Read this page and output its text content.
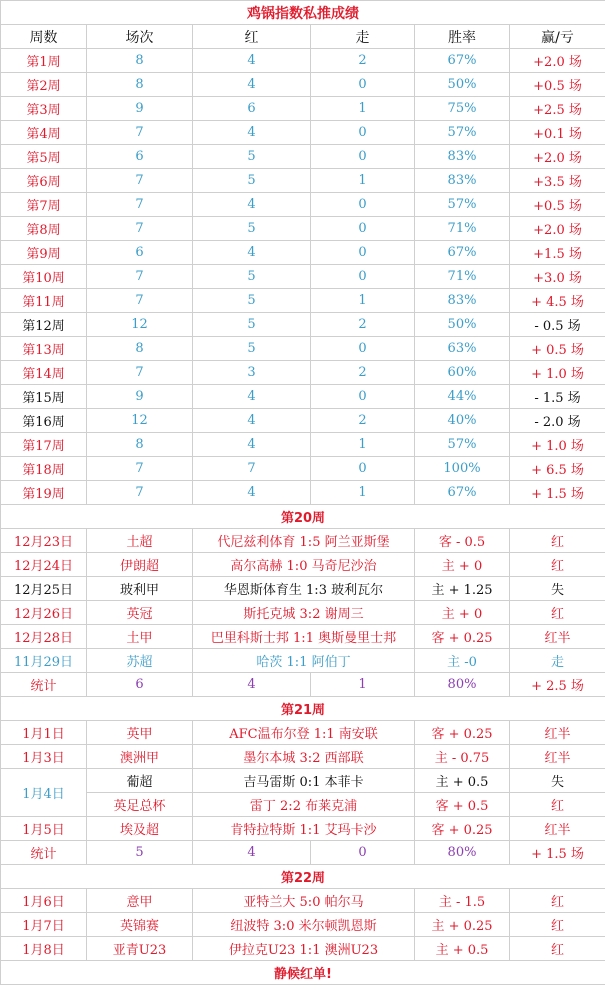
鸡锅指数私推成绩					
周数	场次	红	走	胜率	赢/亏
第1周	8	4	2	67%	+2.0 场
第2周	8	4	0	50%	+0.5 场
第3周	9	6	1	75%	+2.5 场
第4周	7	4	0	57%	+0.1 场
第5周	6	5	0	83%	+2.0 场
第6周	7	5	1	83%	+3.5 场
第7周	7	4	0	57%	+0.5 场
第8周	7	5	0	71%	+2.0 场
第9周	6	4	0	67%	+1.5 场
第10周	7	5	0	71%	+3.0 场
第11周	7	5	1	83%	+ 4.5 场
第12周	12	5	2	50%	- 0.5 场
第13周	8	5	0	63%	+ 0.5 场
第14周	7	3	2	60%	+ 1.0 场
第15周	9	4	0	44%	- 1.5 场
第16周	12	4	2	40%	- 2.0 场
第17周	8	4	1	57%	+ 1.0 场
第18周	7	7	0	100%	+ 6.5 场
第19周	7	4	1	67%	+ 1.5 场
第20周					
12月23日	土超	代尼兹利体育 1:5 阿兰亚斯堡		客 - 0.5	红
12月24日	伊朗超	高尔高赫 1:0 马奇尼沙治		主 + 0	红
12月25日	玻利甲	华恩斯体育生 1:3 玻利瓦尔		主 + 1.25	失
12月26日	英冠	斯托克城 3:2 谢周三		主 + 0	红
12月28日	土甲	巴里科斯士邦 1:1 奥斯曼里士邦		客 + 0.25	红半
11月29日	苏超	哈茨 1:1 阿伯丁		主 -0	走
统计	6	4	1	80%	+ 2.5 场
第21周					
1月1日	英甲	AFC温布尔登 1:1 南安联		客 + 0.25	红半
1月3日	澳洲甲	墨尔本城 3:2 西部联		主 - 0.75	红半
1月4日	葡超	吉马雷斯 0:1 本菲卡		主 + 0.5	失
	英足总杯	雷丁 2:2 布莱克浦		客 + 0.5	红
1月5日	埃及超	肯特拉特斯 1:1 艾玛卡沙		客 + 0.25	红半
统计	5	4	0	80%	+ 1.5 场
第22周					
1月6日	意甲	亚特兰大 5:0 帕尔马		主 - 1.5	红
1月7日	英锦赛	纽波特 3:0 米尔顿凯恩斯		主 + 0.25	红
1月8日	亚青U23	伊拉克U23 1:1 澳洲U23		主 + 0.5	红
静候红单!					
